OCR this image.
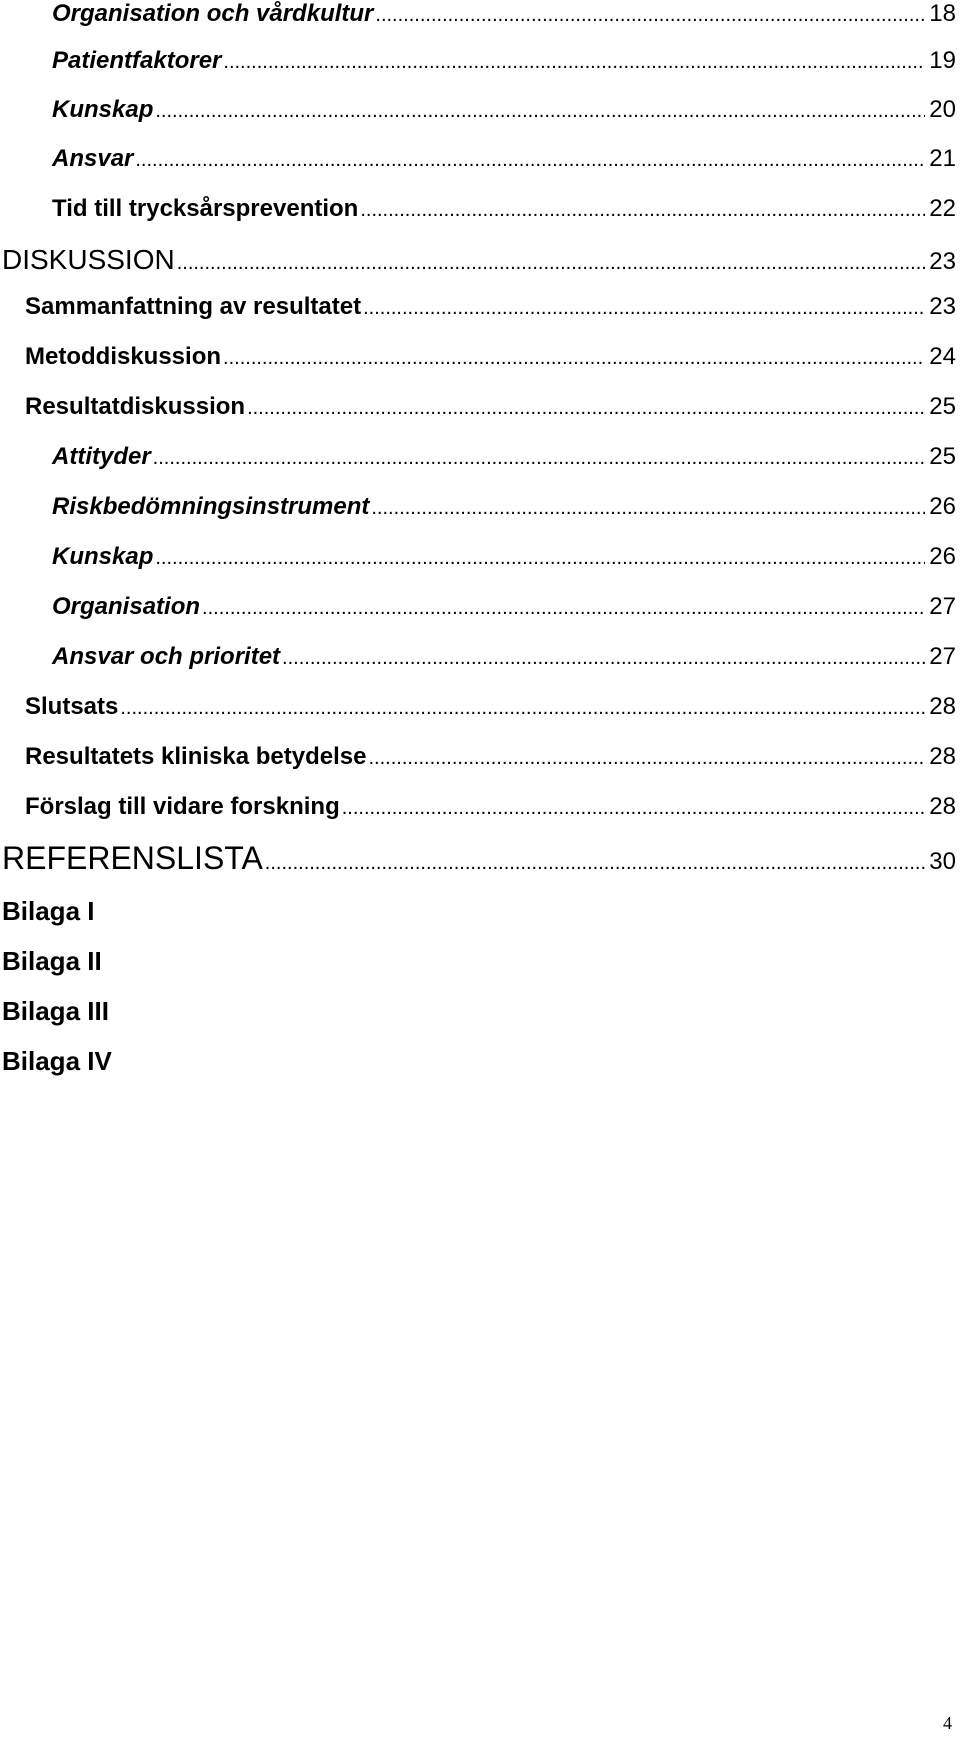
Organisation och vårdkultur .....	18
Patientfaktorer .....	19
Kunskap .....	20
Ansvar .....	21
Tid till trycksårsprevention .....	22
DISKUSSION .....	23
Sammanfattning av resultatet .....	23
Metoddiskussion .....	24
Resultatdiskussion .....	25
Attityder .....	25
Riskbedömningsinstrument .....	26
Kunskap .....	26
Organisation .....	27
Ansvar och prioritet .....	27
Slutsats .....	28
Resultatets kliniska betydelse .....	28
Förslag till vidare forskning .....	28
REFERENSLISTA .....	30
Bilaga I
Bilaga II
Bilaga III
Bilaga IV
4
